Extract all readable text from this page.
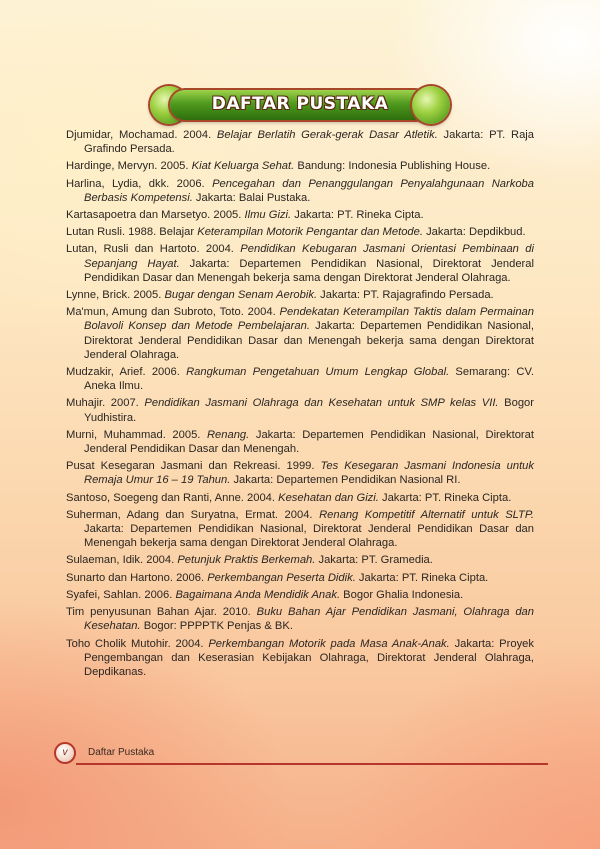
DAFTAR PUSTAKA

Djumidar, Mochamad. 2004. Belajar Berlatih Gerak-gerak Dasar Atletik. Jakarta: PT. Raja Grafindo Persada.

Hardinge, Mervyn. 2005. Kiat Keluarga Sehat. Bandung: Indonesia Publishing House.

Harlina, Lydia, dkk. 2006. Pencegahan dan Penanggulangan Penyalahgunaan Narkoba Berbasis Kompetensi. Jakarta: Balai Pustaka.

Kartasapoetra dan Marsetyo. 2005. Ilmu Gizi. Jakarta: PT. Rineka Cipta.

Lutan Rusli. 1988. Belajar Keterampilan Motorik Pengantar dan Metode. Jakarta: Depdikbud.

Lutan, Rusli dan Hartoto. 2004. Pendidikan Kebugaran Jasmani Orientasi Pembinaan di Sepanjang Hayat. Jakarta: Departemen Pendidikan Nasional, Direktorat Jenderal Pendidikan Dasar dan Menengah bekerja sama dengan Direktorat Jenderal Olahraga.

Lynne, Brick. 2005. Bugar dengan Senam Aerobik. Jakarta: PT. Rajagrafindo Persada.

Ma'mun, Amung dan Subroto, Toto. 2004. Pendekatan Keterampilan Taktis dalam Permainan Bolavoli Konsep dan Metode Pembelajaran. Jakarta: Departemen Pendidikan Nasional, Direktorat Jenderal Pendidikan Dasar dan Menengah bekerja sama dengan Direktorat Jenderal Olahraga.

Mudzakir, Arief. 2006. Rangkuman Pengetahuan Umum Lengkap Global. Semarang: CV. Aneka Ilmu.

Muhajir. 2007. Pendidikan Jasmani Olahraga dan Kesehatan untuk SMP kelas VII. Bogor Yudhistira.

Murni, Muhammad. 2005. Renang. Jakarta: Departemen Pendidikan Nasional, Direktorat Jenderal Pendidikan Dasar dan Menengah.

Pusat Kesegaran Jasmani dan Rekreasi. 1999. Tes Kesegaran Jasmani Indonesia untuk Remaja Umur 16 – 19 Tahun. Jakarta: Departemen Pendidikan Nasional RI.

Santoso, Soegeng dan Ranti, Anne. 2004. Kesehatan dan Gizi. Jakarta: PT. Rineka Cipta.

Suherman, Adang dan Suryatna, Ermat. 2004. Renang Kompetitif Alternatif untuk SLTP. Jakarta: Departemen Pendidikan Nasional, Direktorat Jenderal Pendidikan Dasar dan Menengah bekerja sama dengan Direktorat Jenderal Olahraga.

Sulaeman, Idik. 2004. Petunjuk Praktis Berkemah. Jakarta: PT. Gramedia.

Sunarto dan Hartono. 2006. Perkembangan Peserta Didik. Jakarta: PT. Rineka Cipta.

Syafei, Sahlan. 2006. Bagaimana Anda Mendidik Anak. Bogor Ghalia Indonesia.

Tim penyusunan Bahan Ajar. 2010. Buku Bahan Ajar Pendidikan Jasmani, Olahraga dan Kesehatan. Bogor: PPPPTK Penjas & BK.

Toho Cholik Mutohir. 2004. Perkembangan Motorik pada Masa Anak-Anak. Jakarta: Proyek Pengembangan dan Keserasian Kebijakan Olahraga, Direktorat Jenderal Olahraga, Depdikanas.

v	Daftar Pustaka
